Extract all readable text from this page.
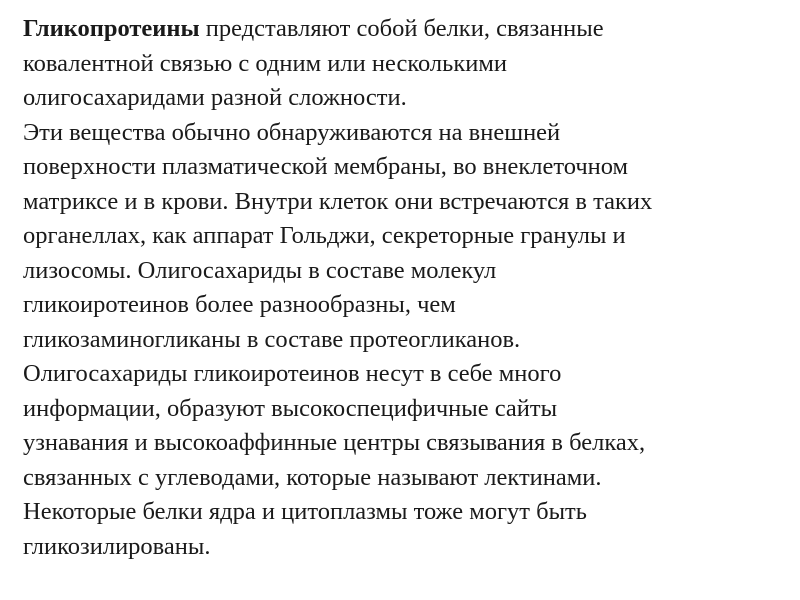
Гликопротеины представляют собой белки, связанные
ковалентной связью с одним или несколькими
олигосахаридами разной сложности.
Эти вещества обычно обнаруживаются на внешней
поверхности плазматической мембраны, во внеклеточном
матриксе и в крови. Внутри клеток они встречаются в таких
органеллах, как аппарат Гольджи, секреторные гранулы и
лизосомы. Олигосахариды в составе молекул
гликоиротеинов более разнообразны, чем
гликозаминогликаны в составе протеогликанов.
Олигосахариды гликоиротеинов несут в себе много
информации, образуют высокоспецифичные сайты
узнавания и высокоаффинные центры связывания в белках,
связанных с углеводами, которые называют лектинами.
Некоторые белки ядра и цитоплазмы тоже могут быть
гликозилированы.
